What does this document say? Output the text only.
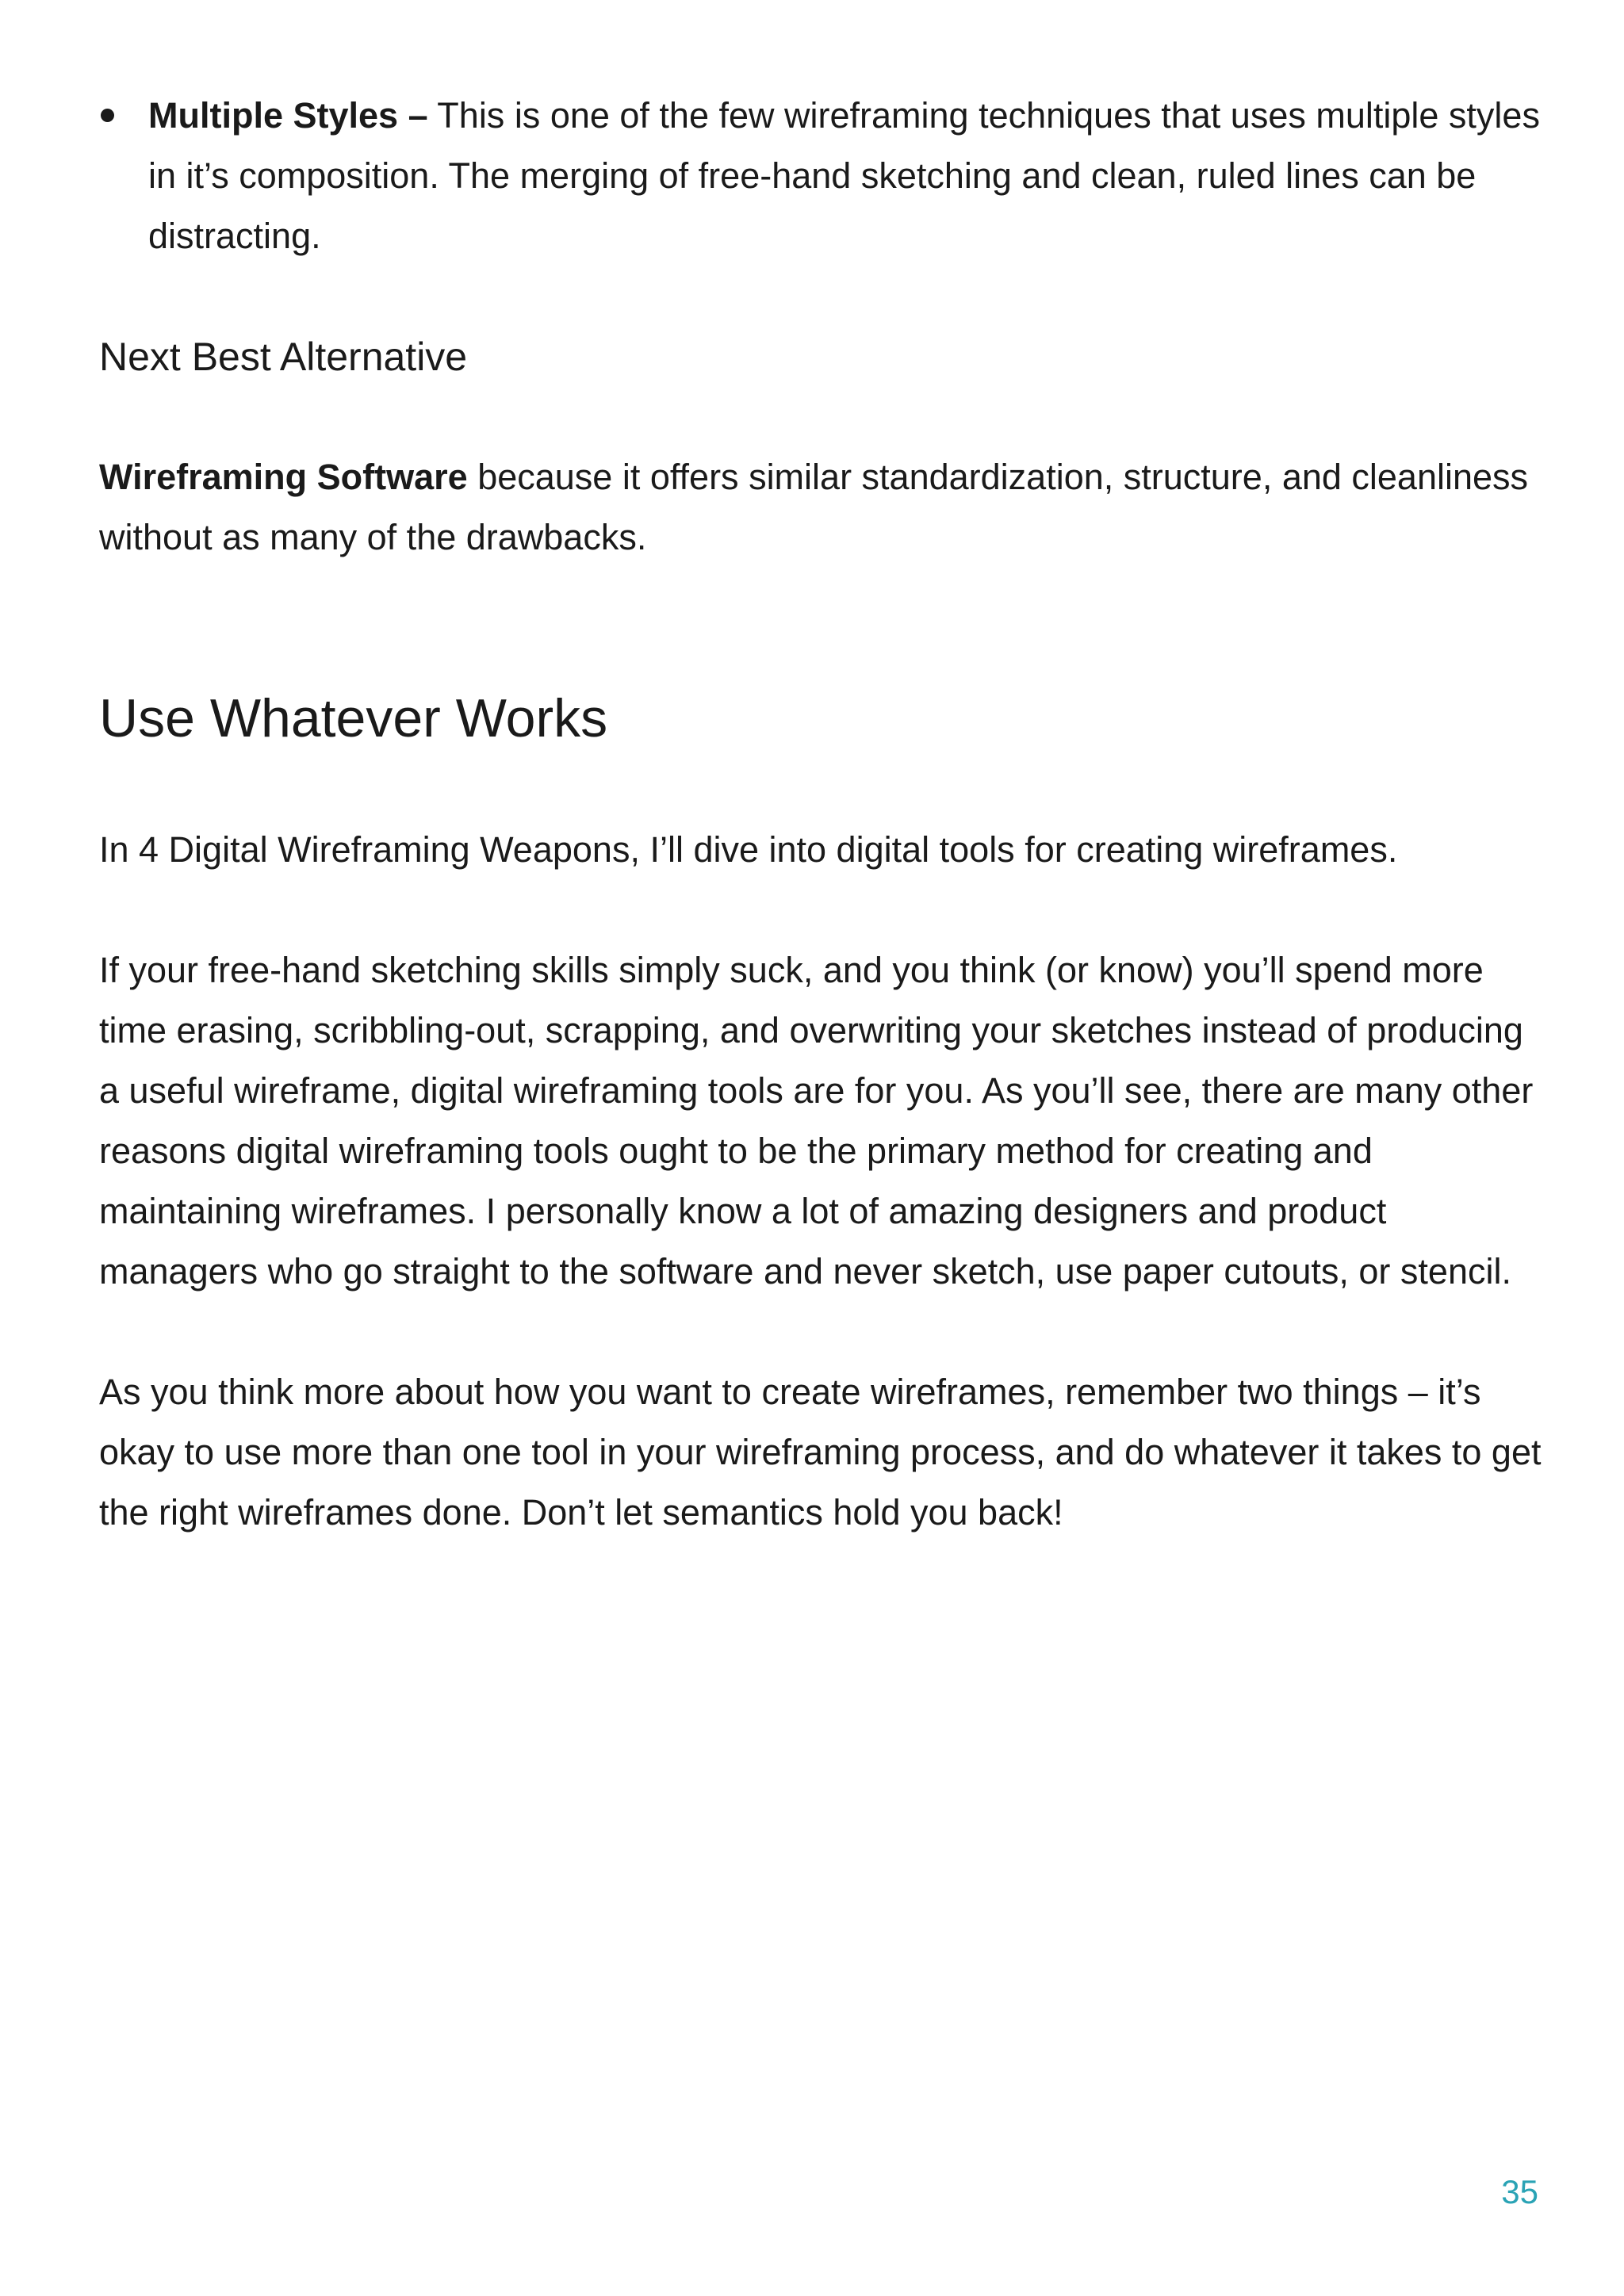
Multiple Styles – This is one of the few wireframing techniques that uses multiple styles in it’s composition. The merging of free-hand sketching and clean, ruled lines can be distracting.
Next Best Alternative

Wireframing Software because it offers similar standardization, structure, and cleanliness without as many of the drawbacks.

Use Whatever Works

In 4 Digital Wireframing Weapons, I’ll dive into digital tools for creating wireframes.

If your free-hand sketching skills simply suck, and you think (or know) you’ll spend more time erasing, scribbling-out, scrapping, and overwriting your sketches instead of producing a useful wireframe, digital wireframing tools are for you. As you’ll see, there are many other reasons digital wireframing tools ought to be the primary method for creating and maintaining wireframes. I personally know a lot of amazing designers and product managers who go straight to the software and never sketch, use paper cutouts, or stencil.

As you think more about how you want to create wireframes, remember two things – it’s okay to use more than one tool in your wireframing process, and do whatever it takes to get the right wireframes done. Don’t let semantics hold you back!

35
